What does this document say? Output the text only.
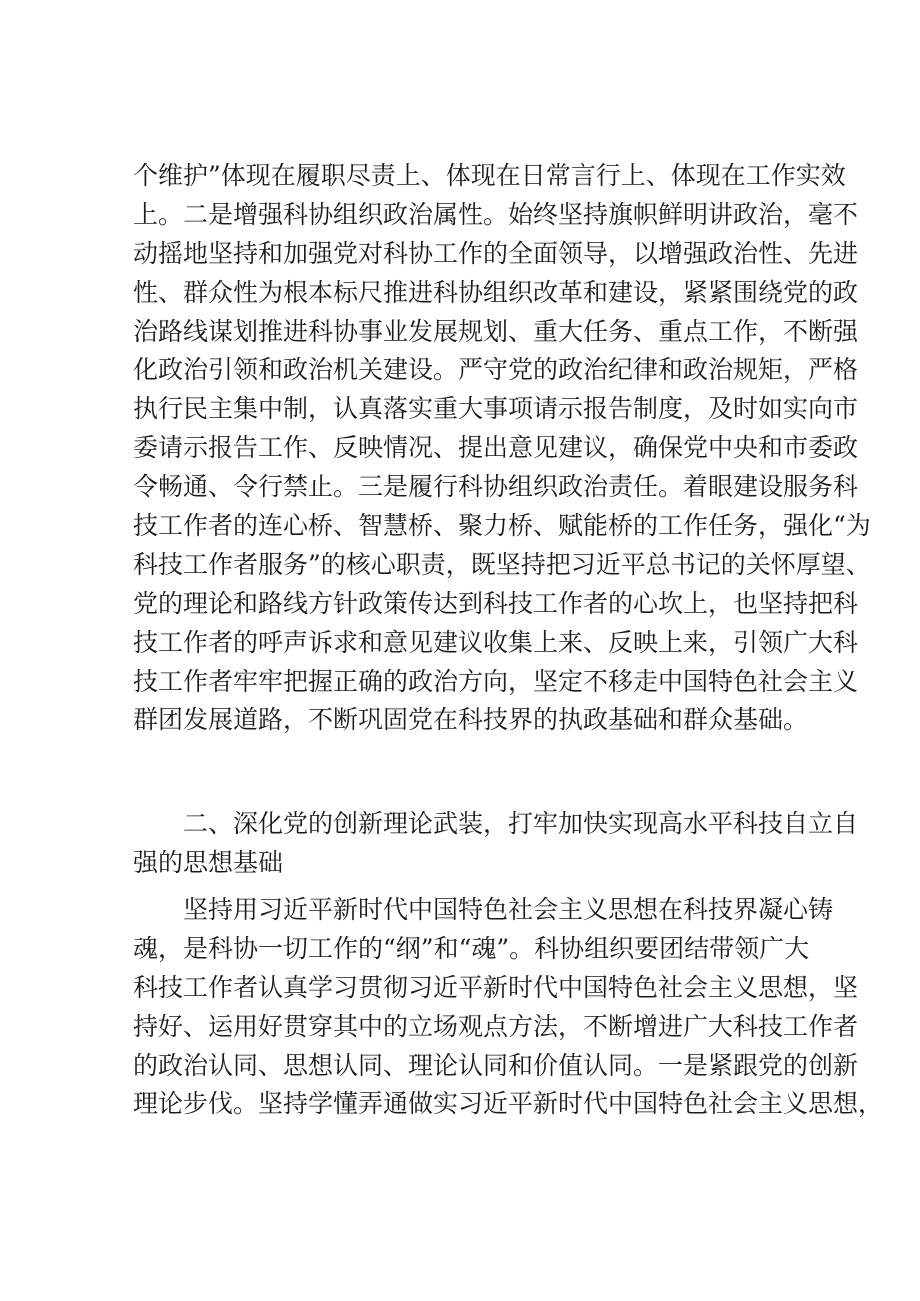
个维护”体现在履职尽责上、体现在日常言行上、体现在工作实效
上。二是增强科协组织政治属性。始终坚持旗帜鲜明讲政治，毫不
动摇地坚持和加强党对科协工作的全面领导，以增强政治性、先进
性、群众性为根本标尺推进科协组织改革和建设，紧紧围绕党的政
治路线谋划推进科协事业发展规划、重大任务、重点工作，不断强
化政治引领和政治机关建设。严守党的政治纪律和政治规矩，严格
执行民主集中制，认真落实重大事项请示报告制度，及时如实向市
委请示报告工作、反映情况、提出意见建议，确保党中央和市委政
令畅通、令行禁止。三是履行科协组织政治责任。着眼建设服务科
技工作者的连心桥、智慧桥、聚力桥、赋能桥的工作任务，强化“为
科技工作者服务”的核心职责，既坚持把习近平总书记的关怀厚望、
党的理论和路线方针政策传达到科技工作者的心坎上，也坚持把科
技工作者的呼声诉求和意见建议收集上来、反映上来，引领广大科
技工作者牢牢把握正确的政治方向，坚定不移走中国特色社会主义
群团发展道路，不断巩固党在科技界的执政基础和群众基础。
二、深化党的创新理论武装，打牢加快实现高水平科技自立自
强的思想基础
坚持用习近平新时代中国特色社会主义思想在科技界凝心铸
魂，是科协一切工作的“纲”和“魂”。科协组织要团结带领广大
科技工作者认真学习贯彻习近平新时代中国特色社会主义思想，坚
持好、运用好贯穿其中的立场观点方法，不断增进广大科技工作者
的政治认同、思想认同、理论认同和价值认同。一是紧跟党的创新
理论步伐。坚持学懂弄通做实习近平新时代中国特色社会主义思想，
